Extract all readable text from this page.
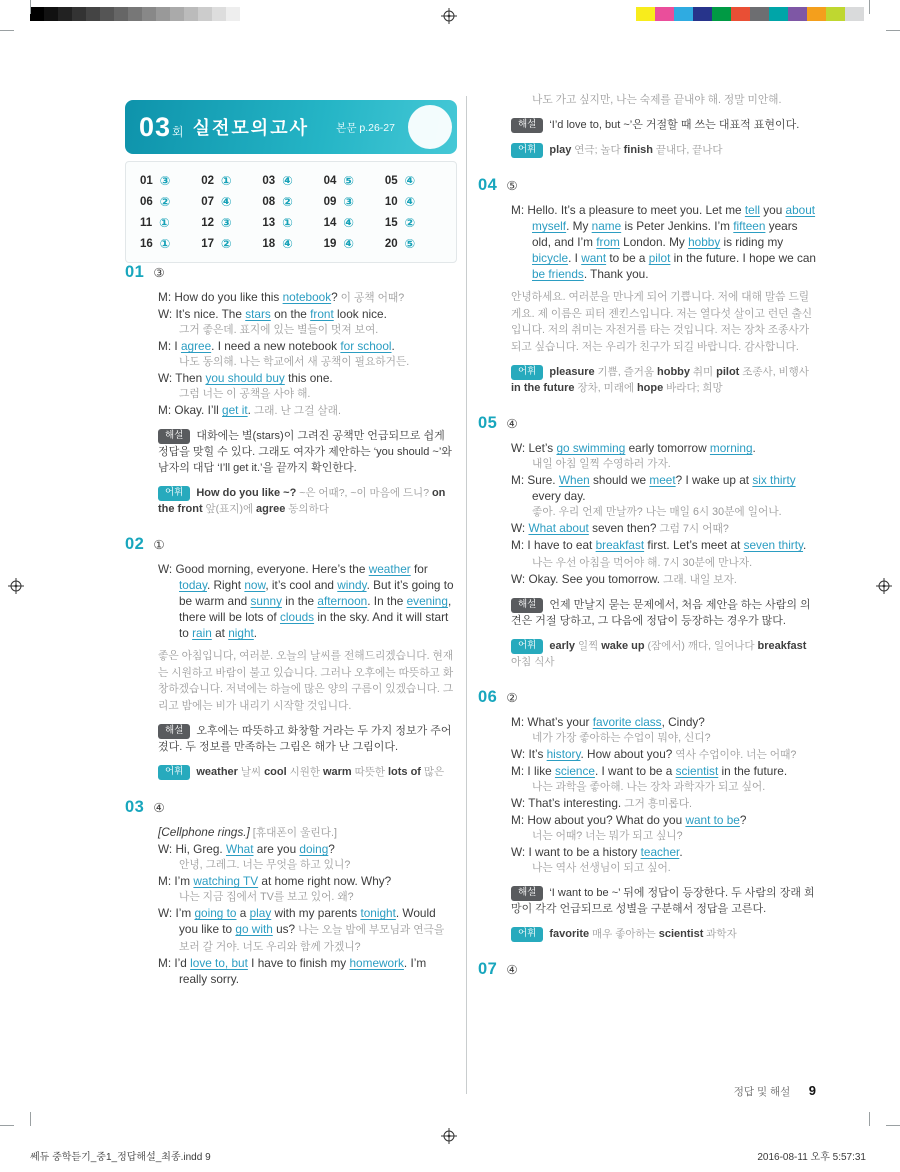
03 회 실전모의고사	본문 p.26-27
01 ③	02 ①	03 ④	04 ⑤	05 ④
06 ②	07 ④	08 ②	09 ③	10 ④
11 ①	12 ③	13 ①	14 ④	15 ②
16 ①	17 ②	18 ④	19 ④	20 ⑤
01 ③

M: How do you like this notebook? 이 공책 어때?

W: It’s nice. The stars on the front look nice.

그거 좋은데. 표지에 있는 별들이 멋져 보여.

M: I agree. I need a new notebook for school.

나도 동의해. 나는 학교에서 새 공책이 필요하거든.

W: Then you should buy this one.

그럼 너는 이 공책을 사야 해.

M: Okay. I’ll get it. 그래. 난 그걸 살래.

해설 대화에는 별(stars)이 그려진 공책만 언급되므로 쉽게 정답을 맞힐 수 있다. 그래도 여자가 제안하는 ‘you should ~’와 남자의 대답 ‘I’ll get it.’을 끝까지 확인한다.

어휘 How do you like ~? ~은 어때?, ~이 마음에 드니? on the front 앞(표지)에 agree 동의하다

02 ①

W: Good morning, everyone. Here’s the weather for today. Right now, it’s cool and windy. But it’s going to be warm and sunny in the afternoon. In the evening, there will be lots of clouds in the sky. And it will start to rain at night.

좋은 아침입니다, 여러분. 오늘의 날씨를 전해드리겠습니다. 현재는 시원하고 바람이 불고 있습니다. 그러나 오후에는 따뜻하고 화창하겠습니다. 저녁에는 하늘에 많은 양의 구름이 있겠습니다. 그리고 밤에는 비가 내리기 시작할 것입니다.

해설 오후에는 따뜻하고 화창할 거라는 두 가지 정보가 주어졌다. 두 정보를 만족하는 그림은 해가 난 그림이다.

어휘 weather 날씨 cool 시원한 warm 따뜻한 lots of 많은

03 ④

[Cellphone rings.] [휴대폰이 울린다.]

W: Hi, Greg. What are you doing?

안녕, 그레그. 너는 무엇을 하고 있니?

M: I’m watching TV at home right now. Why?

나는 지금 집에서 TV를 보고 있어. 왜?

W: I’m going to a play with my parents tonight. Would you like to go with us? 나는 오늘 밤에 부모님과 연극을 보러 갈 거야. 너도 우리와 함께 가겠니?

M: I’d love to, but I have to finish my homework. I’m really sorry.

나도 가고 싶지만, 나는 숙제를 끝내야 해. 정말 미안해.

해설 ‘I’d love to, but ~’은 거절할 때 쓰는 대표적 표현이다.

어휘 play 연극; 놀다 finish 끝내다, 끝나다

04 ⑤

M: Hello. It’s a pleasure to meet you. Let me tell you about myself. My name is Peter Jenkins. I’m fifteen years old, and I’m from London. My hobby is riding my bicycle. I want to be a pilot in the future. I hope we can be friends. Thank you.

안녕하세요. 여러분을 만나게 되어 기쁩니다. 저에 대해 말씀 드릴게요. 제 이름은 피터 젠킨스입니다. 저는 열다섯 살이고 런던 출신입니다. 저의 취미는 자전거를 타는 것입니다. 저는 장차 조종사가 되고 싶습니다. 저는 우리가 친구가 되길 바랍니다. 감사합니다.

어휘 pleasure 기쁨, 즐거움 hobby 취미 pilot 조종사, 비행사 in the future 장차, 미래에 hope 바라다; 희망

05 ④

W: Let’s go swimming early tomorrow morning.

내일 아침 일찍 수영하러 가자.

M: Sure. When should we meet? I wake up at six thirty every day.

좋아. 우리 언제 만날까? 나는 매일 6시 30분에 일어나.

W: What about seven then? 그럼 7시 어때?

M: I have to eat breakfast first. Let’s meet at seven thirty. 나는 우선 아침을 먹어야 해. 7시 30분에 만나자.

W: Okay. See you tomorrow. 그래. 내일 보자.

해설 언제 만날지 묻는 문제에서, 처음 제안을 하는 사람의 의견은 거절 당하고, 그 다음에 정답이 등장하는 경우가 많다.

어휘 early 일찍 wake up (잠에서) 깨다, 일어나다 breakfast 아침 식사

06 ②

M: What’s your favorite class, Cindy?

네가 가장 좋아하는 수업이 뭐야, 신디?

W: It’s history. How about you? 역사 수업이야. 너는 어때?

M: I like science. I want to be a scientist in the future.

나는 과학을 좋아해. 나는 장차 과학자가 되고 싶어.

W: That’s interesting. 그거 흥미롭다.

M: How about you? What do you want to be?

너는 어때? 너는 뭐가 되고 싶니?

W: I want to be a history teacher.

나는 역사 선생님이 되고 싶어.

해설 ‘I want to be ~’ 뒤에 정답이 등장한다. 두 사람의 장래 희망이 각각 언급되므로 성별을 구분해서 정답을 고른다.

어휘 favorite 매우 좋아하는 scientist 과학자

07 ④
정답 및 해설 9
쎄듀 중학듣기_중1_정답해설_최종.indd 9	2016-08-11 오후 5:57:31
